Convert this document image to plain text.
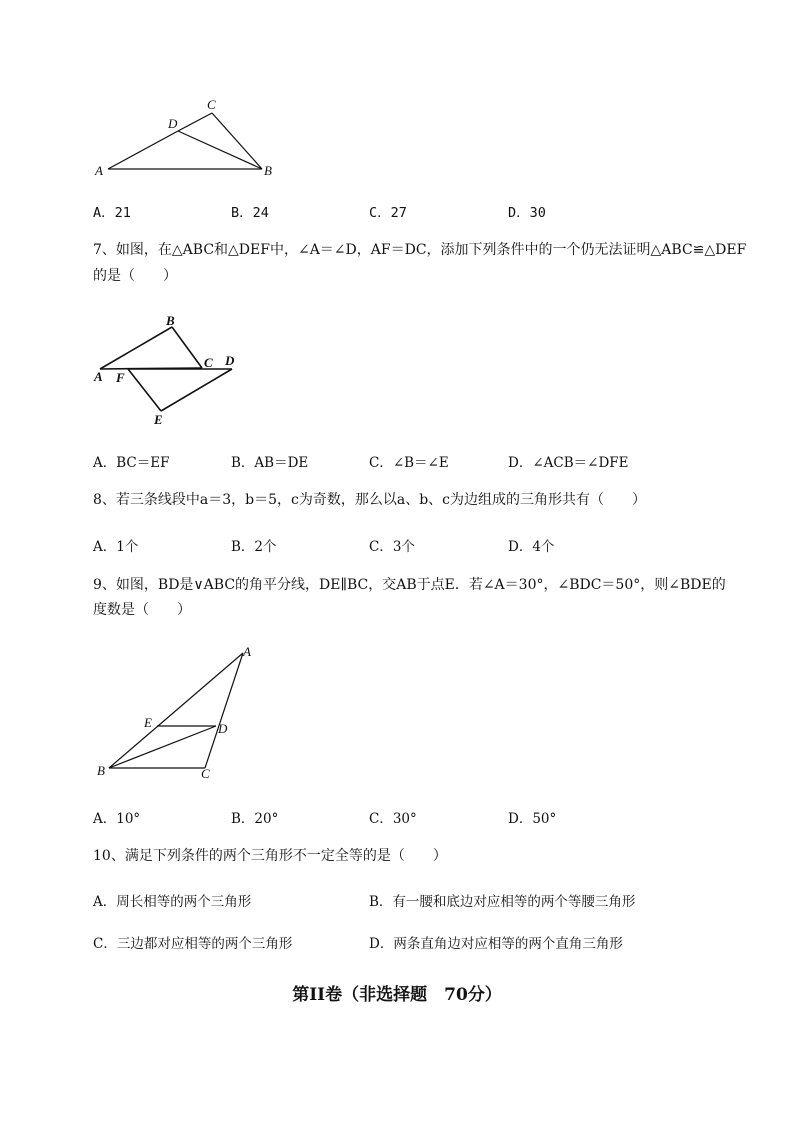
A	B
C
D
A．21	B．24	C．27	D．30
7、如图，在△ABC和△DEF中，∠A＝∠D，AF＝DC，添加下列条件中的一个仍无法证明△ABC≌△DEF
的是（　　）
A
B
C D
E
F
A．BC＝EF	B．AB＝DE	C．∠B＝∠E	D．∠ACB＝∠DFE
8、若三条线段中a＝3，b＝5，c为奇数，那么以a、b、c为边组成的三角形共有（　　）
A．1个	B．2个	C．3个	D．4个
9、如图，BD是∨ABC的角平分线，DE∥BC，交AB于点E．若∠A＝30°，∠BDC＝50°，则∠BDE的
度数是（　　）
A
B	C
D
E
A．10°	B．20°	C．30°	D．50°
10、满足下列条件的两个三角形不一定全等的是（　　）
A．周长相等的两个三角形	B．有一腰和底边对应相等的两个等腰三角形
C．三边都对应相等的两个三角形	D．两条直角边对应相等的两个直角三角形
第II卷（非选择题　70分）
